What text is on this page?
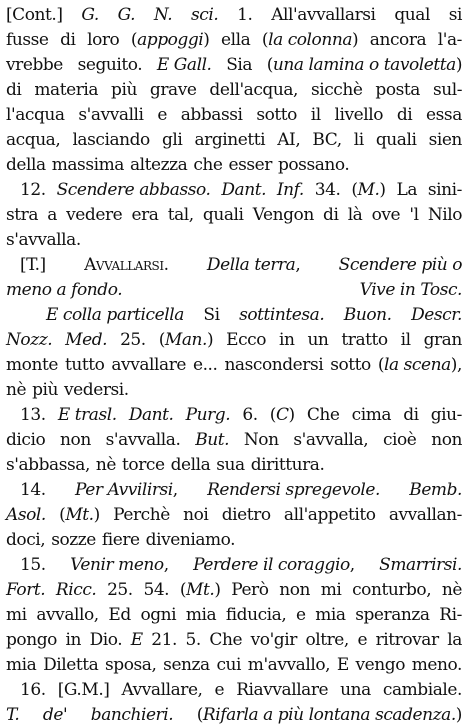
[Cont.] G. G. N. sci. 1. All'avvallarsi qual si
fusse di loro (appoggi) ella (la colonna) ancora l'a-
vrebbe seguito. E Gall. Sia (una lamina o tavoletta)
di materia più grave dell'acqua, sicchè posta sul-
l'acqua s'avvalli e abbassi sotto il livello di essa
acqua, lasciando gli arginetti AI, BC, li quali sien
della massima altezza che esser possano.
12. Scendere abbasso. Dant. Inf. 34. (M.) La sini-
stra a vedere era tal, quali Vengon di là ove 'l Nilo
s'avvalla.
[T.] Avvallarsi. Della terra, Scendere più o
meno a fondo.	Vive in Tosc.
E colla particella Si sottintesa. Buon. Descr.
Nozz. Med. 25. (Man.) Ecco in un tratto il gran
monte tutto avvallare e... nascondersi sotto (la scena),
nè più vedersi.
13. E trasl. Dant. Purg. 6. (C) Che cima di giu-
dicio non s'avvalla. But. Non s'avvalla, cioè non
s'abbassa, nè torce della sua dirittura.
14. Per Avvilirsi, Rendersi spregevole. Bemb.
Asol. (Mt.) Perchè noi dietro all'appetito avvallan-
doci, sozze fiere diveniamo.
15. Venir meno, Perdere il coraggio, Smarrirsi.
Fort. Ricc. 25. 54. (Mt.) Però non mi conturbo, nè
mi avvallo, Ed ogni mia fiducia, e mia speranza Ri-
pongo in Dio. E 21. 5. Che vo'gir oltre, e ritrovar la
mia Diletta sposa, senza cui m'avvallo, E vengo meno.
16. [G.M.] Avvallare, e Riavvallare una cambiale.
T. de' banchieri. (Rifarla a più lontana scadenza.)
